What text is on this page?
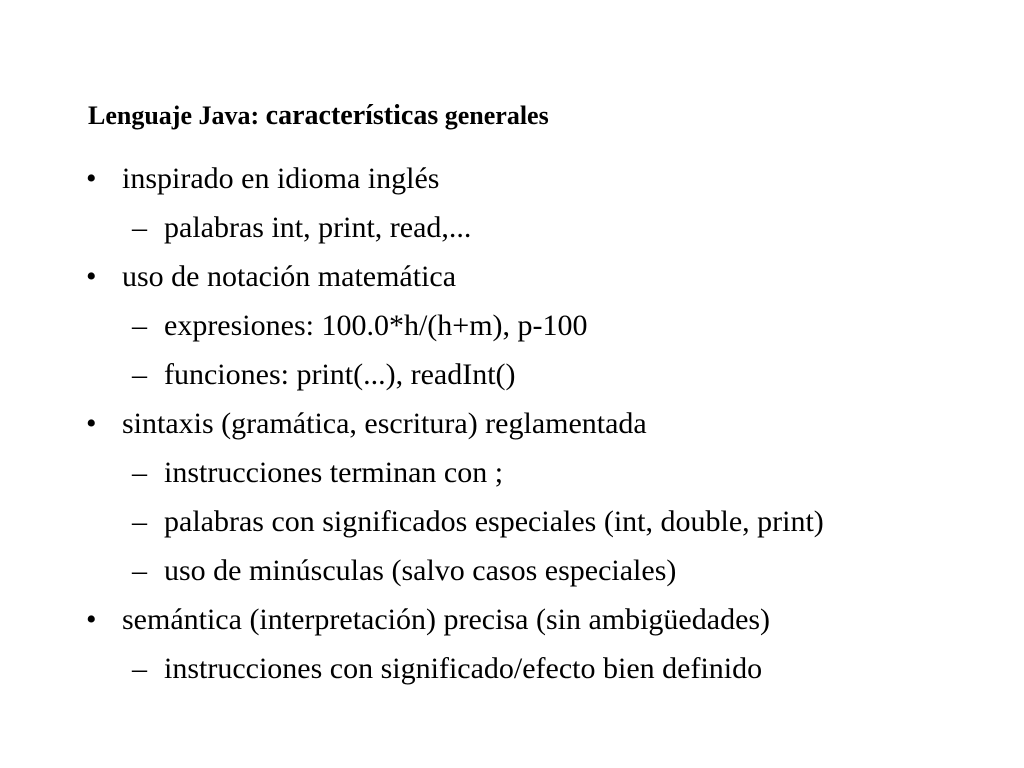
Lenguaje Java: características generales
• inspirado en idioma inglés
– palabras int, print, read,...
• uso de notación matemática
– expresiones: 100.0*h/(h+m), p-100
– funciones: print(...), readInt()
• sintaxis (gramática, escritura) reglamentada
– instrucciones terminan con ;
– palabras con significados especiales (int, double, print)
– uso de minúsculas (salvo casos especiales)
• semántica (interpretación) precisa (sin ambigüedades)
– instrucciones con significado/efecto bien definido
